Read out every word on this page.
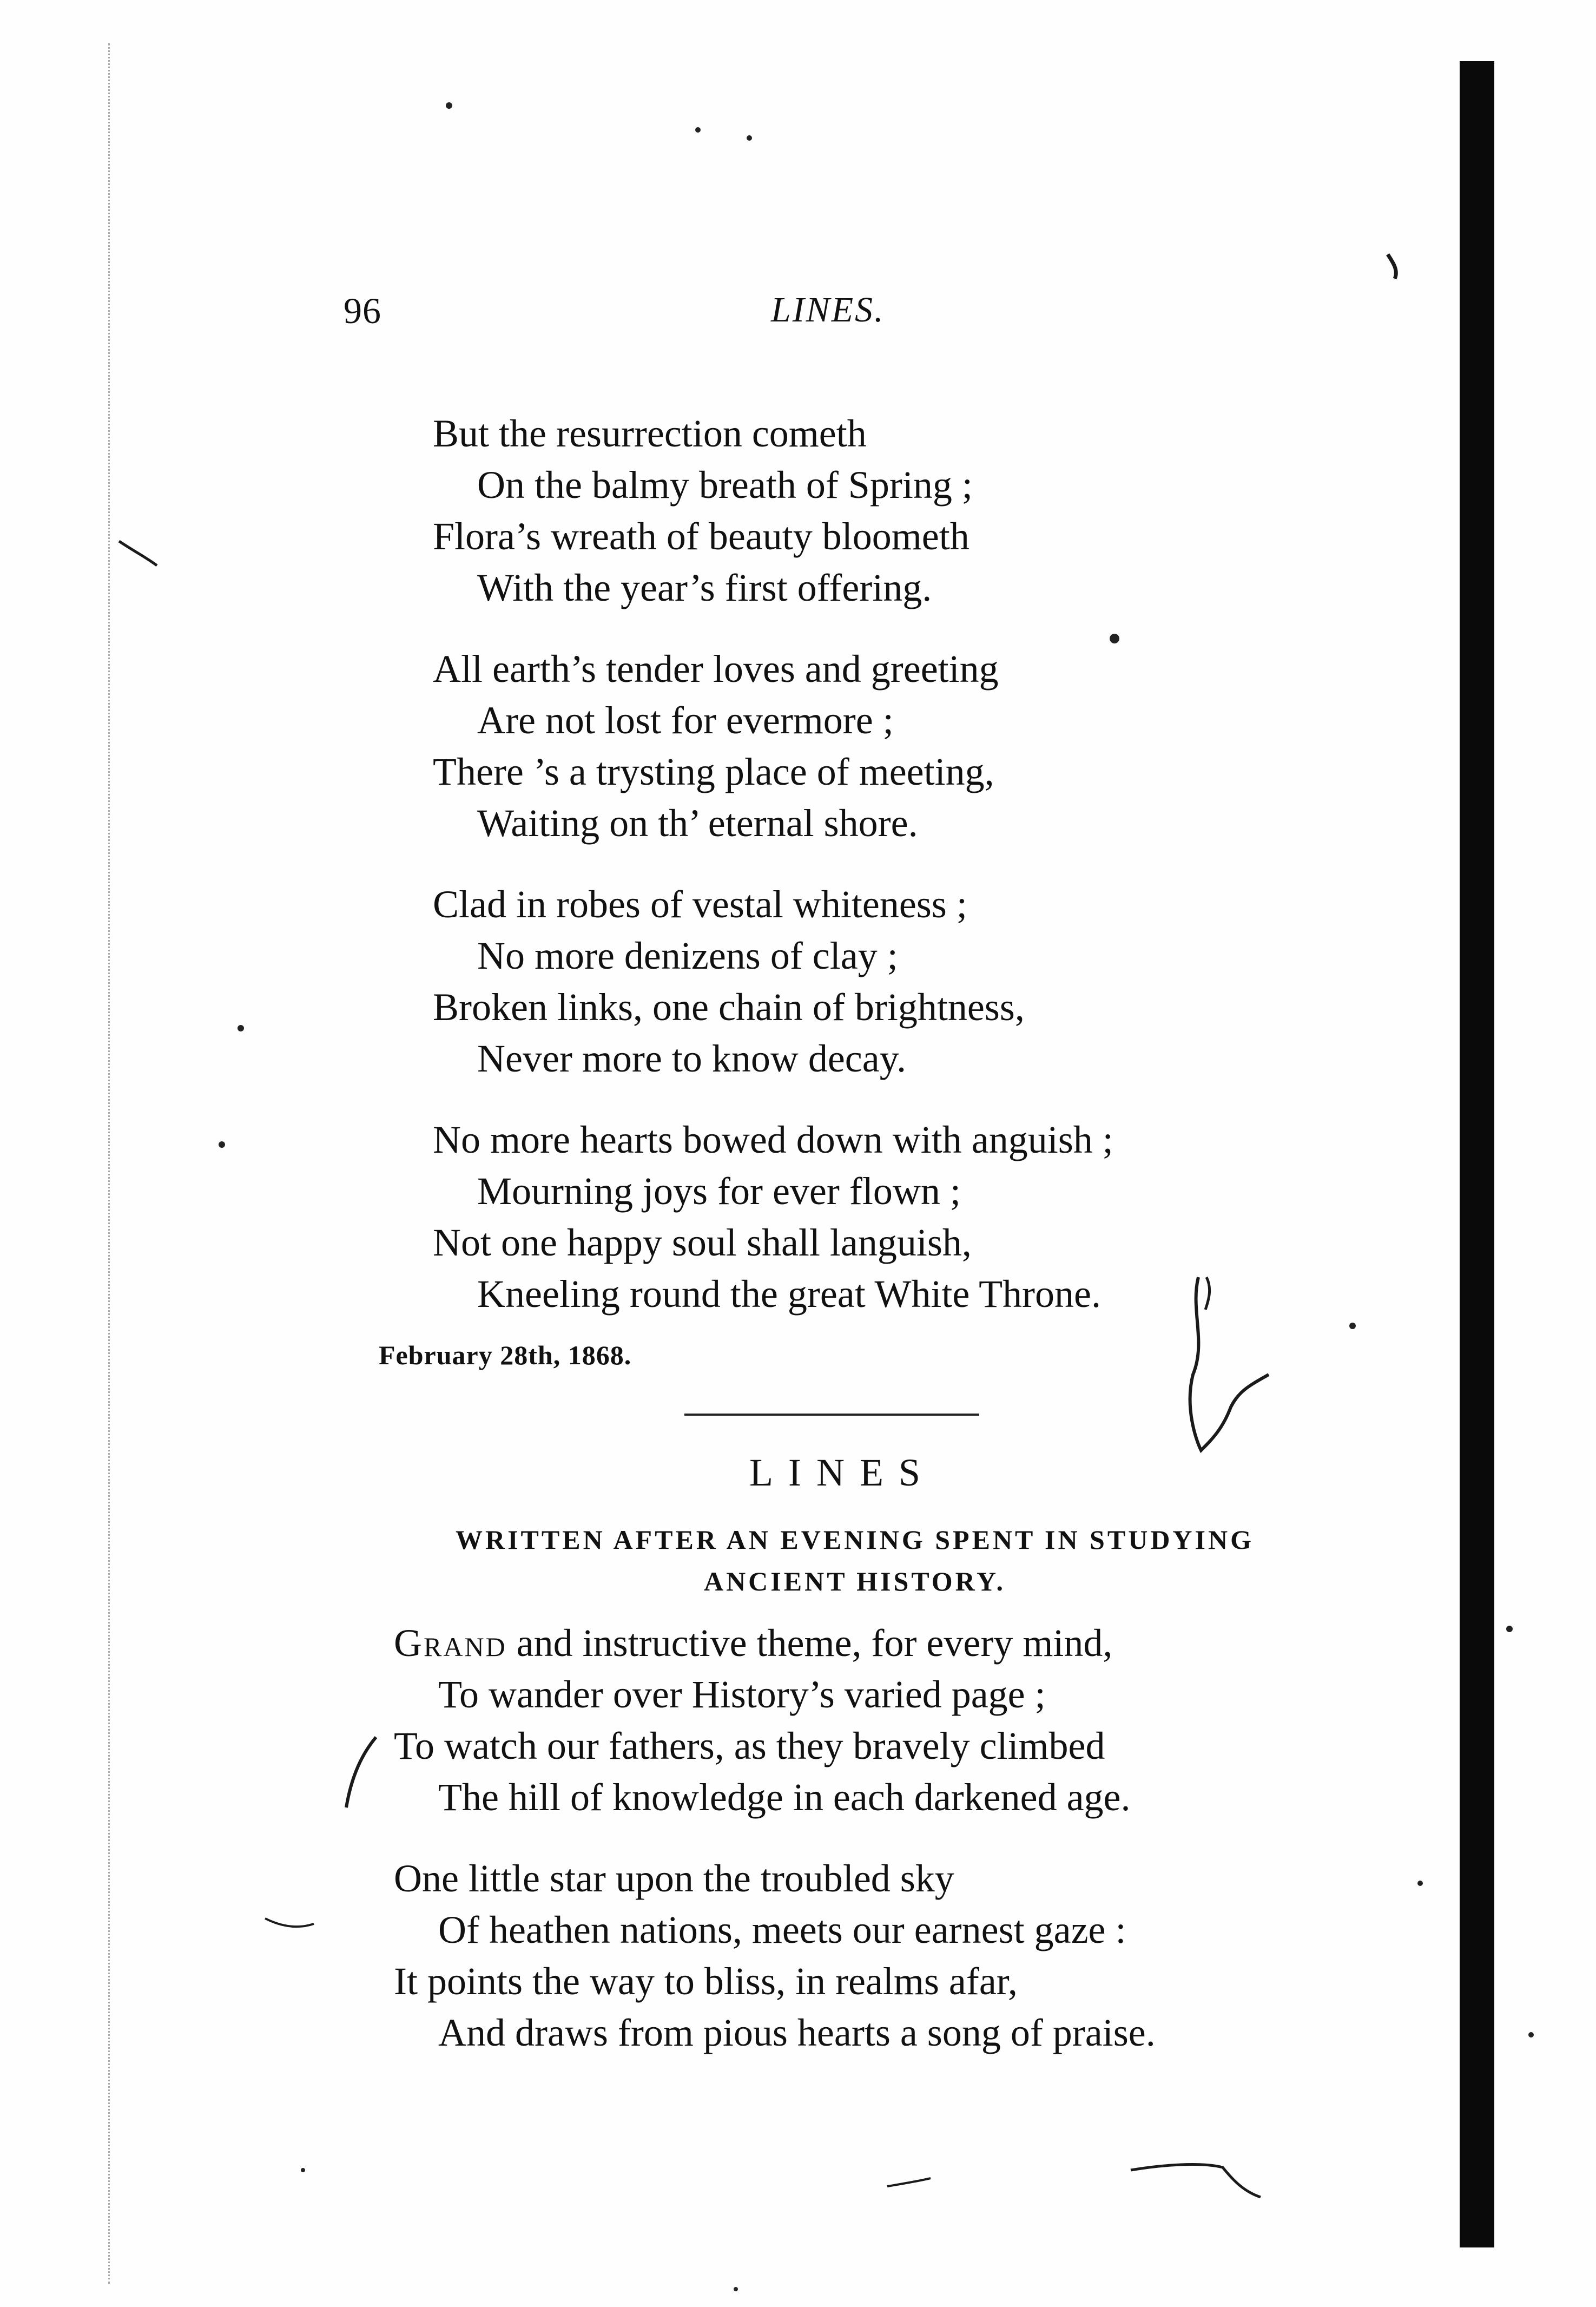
96	LINES.
But the resurrection cometh
On the balmy breath of Spring ;
Flora’s wreath of beauty bloometh
With the year’s first offering.
All earth’s tender loves and greeting
Are not lost for evermore ;
There ’s a trysting place of meeting,
Waiting on th’ eternal shore.
Clad in robes of vestal whiteness ;
No more denizens of clay ;
Broken links, one chain of brightness,
Never more to know decay.
No more hearts bowed down with anguish ;
Mourning joys for ever flown ;
Not one happy soul shall languish,
Kneeling round the great White Throne.
February 28th, 1868.
LINES
WRITTEN AFTER AN EVENING SPENT IN STUDYING
ANCIENT HISTORY.
Grand and instructive theme, for every mind,
To wander over History’s varied page ;
To watch our fathers, as they bravely climbed
The hill of knowledge in each darkened age.
One little star upon the troubled sky
Of heathen nations, meets our earnest gaze :
It points the way to bliss, in realms afar,
And draws from pious hearts a song of praise.
